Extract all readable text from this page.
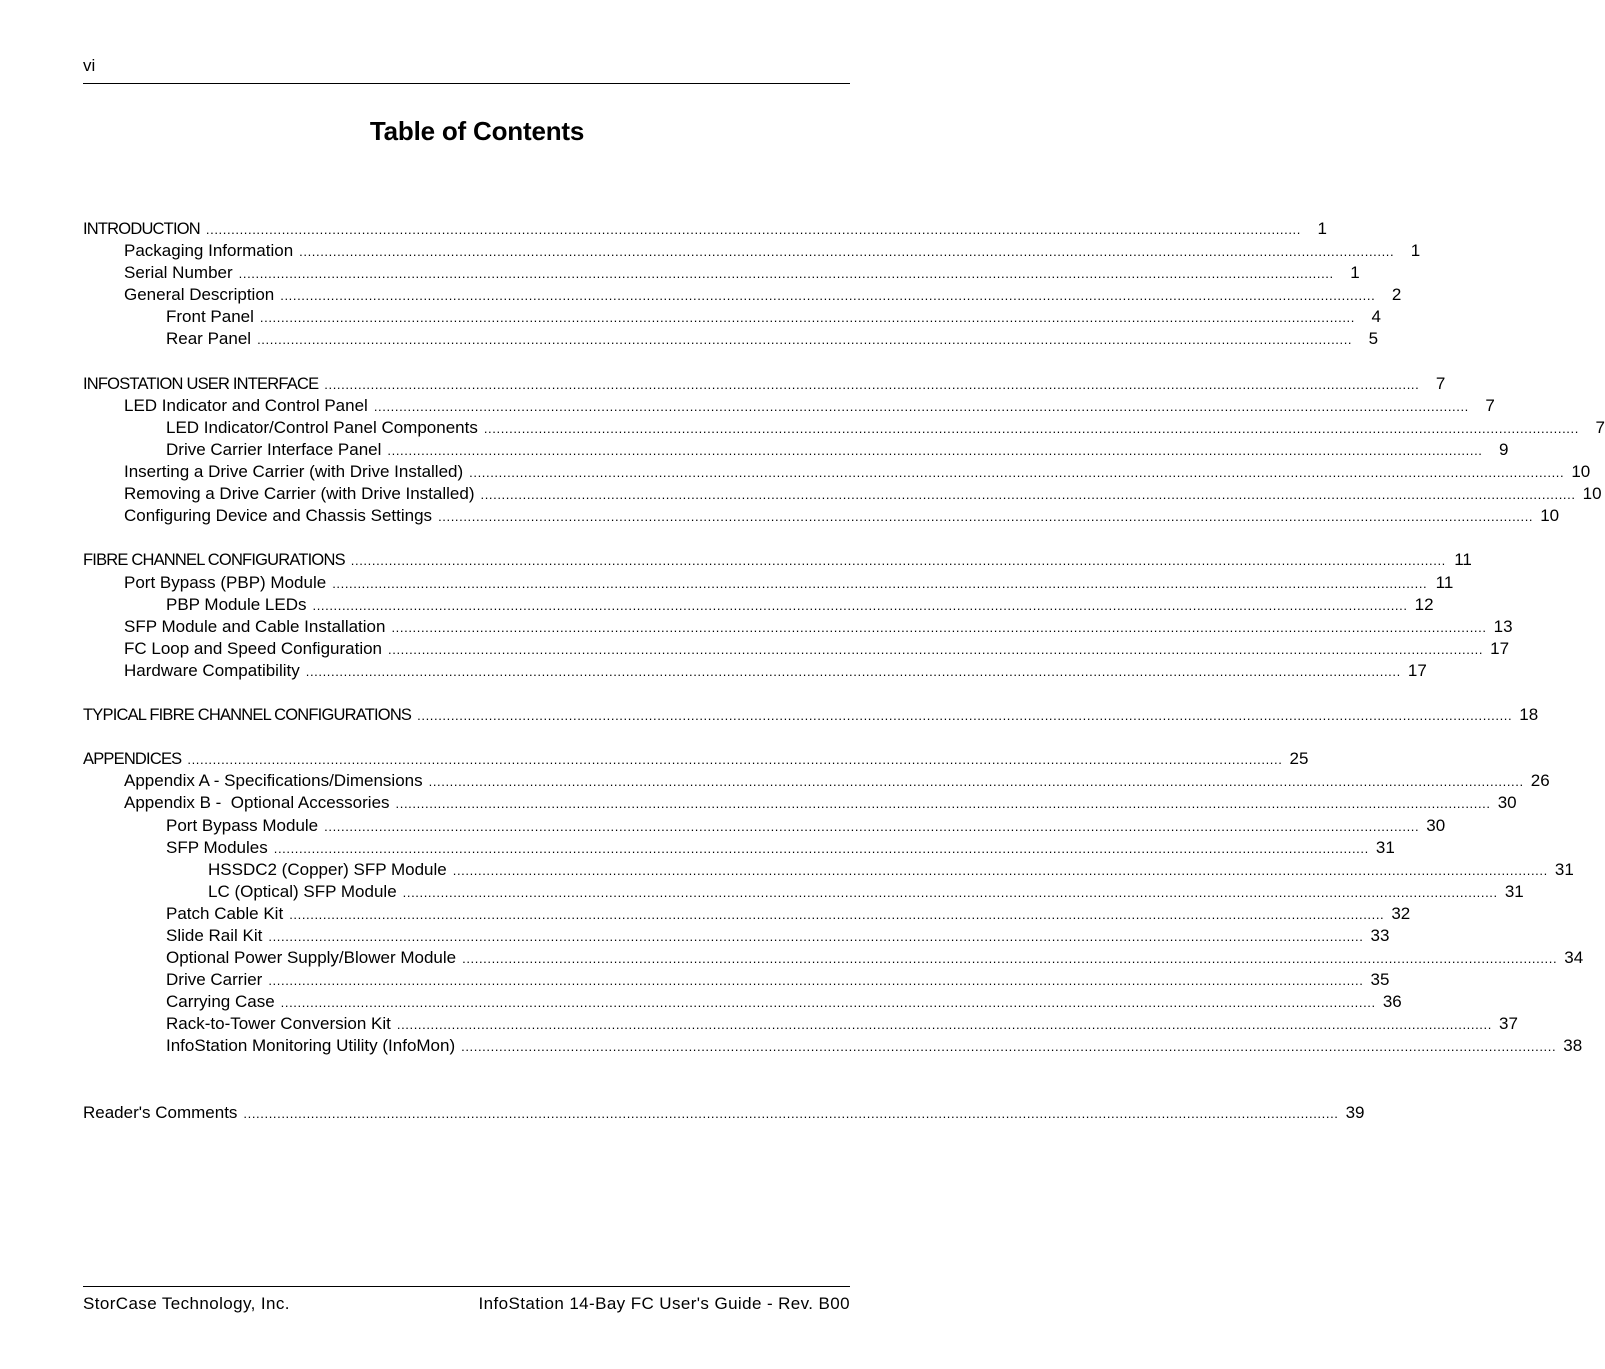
vi
Table of Contents
INTRODUCTION .................................................................................................................................................................................................................................................................... 1
Packaging Information .................................................................................................................................................................................................................................................................... 1
Serial Number .................................................................................................................................................................................................................................................................... 1
General Description .................................................................................................................................................................................................................................................................... 2
Front Panel .................................................................................................................................................................................................................................................................... 4
Rear Panel .................................................................................................................................................................................................................................................................... 5
INFOSTATION USER INTERFACE .................................................................................................................................................................................................................................................................... 7
LED Indicator and Control Panel .................................................................................................................................................................................................................................................................... 7
LED Indicator/Control Panel Components .................................................................................................................................................................................................................................................................... 7
Drive Carrier Interface Panel .................................................................................................................................................................................................................................................................... 9
Inserting a Drive Carrier (with Drive Installed) .................................................................................................................................................................................................................................................................... 10
Removing a Drive Carrier (with Drive Installed) .................................................................................................................................................................................................................................................................... 10
Configuring Device and Chassis Settings .................................................................................................................................................................................................................................................................... 10
FIBRE CHANNEL CONFIGURATIONS .................................................................................................................................................................................................................................................................... 11
Port Bypass (PBP) Module .................................................................................................................................................................................................................................................................... 11
PBP Module LEDs .................................................................................................................................................................................................................................................................... 12
SFP Module and Cable Installation .................................................................................................................................................................................................................................................................... 13
FC Loop and Speed Configuration .................................................................................................................................................................................................................................................................... 17
Hardware Compatibility .................................................................................................................................................................................................................................................................... 17
TYPICAL FIBRE CHANNEL CONFIGURATIONS .................................................................................................................................................................................................................................................................... 18
APPENDICES .................................................................................................................................................................................................................................................................... 25
Appendix A - Specifications/Dimensions .................................................................................................................................................................................................................................................................... 26
Appendix B -  Optional Accessories .................................................................................................................................................................................................................................................................... 30
Port Bypass Module .................................................................................................................................................................................................................................................................... 30
SFP Modules .................................................................................................................................................................................................................................................................... 31
HSSDC2 (Copper) SFP Module .................................................................................................................................................................................................................................................................... 31
LC (Optical) SFP Module .................................................................................................................................................................................................................................................................... 31
Patch Cable Kit .................................................................................................................................................................................................................................................................... 32
Slide Rail Kit .................................................................................................................................................................................................................................................................... 33
Optional Power Supply/Blower Module .................................................................................................................................................................................................................................................................... 34
Drive Carrier .................................................................................................................................................................................................................................................................... 35
Carrying Case .................................................................................................................................................................................................................................................................... 36
Rack-to-Tower Conversion Kit .................................................................................................................................................................................................................................................................... 37
InfoStation Monitoring Utility (InfoMon) .................................................................................................................................................................................................................................................................... 38
Reader's Comments .................................................................................................................................................................................................................................................................... 39
StorCase Technology, Inc.	InfoStation 14-Bay FC User's Guide - Rev. B00
